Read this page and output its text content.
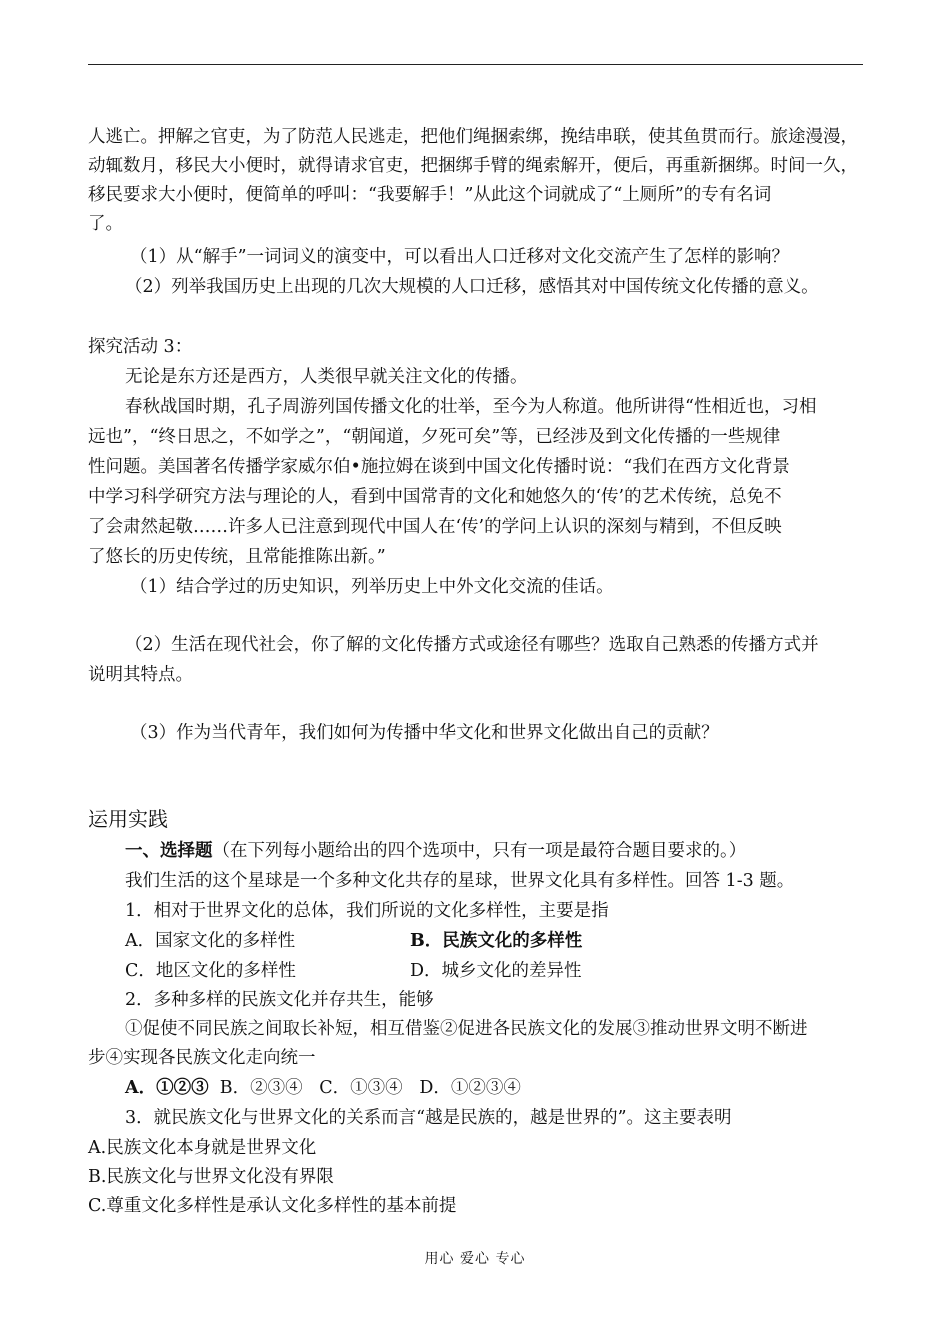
人逃亡。押解之官吏，为了防范人民逃走，把他们绳捆索绑，挽结串联，使其鱼贯而行。旅途漫漫，
动辄数月，移民大小便时，就得请求官吏，把捆绑手臂的绳索解开，便后，再重新捆绑。时间一久，
移民要求大小便时，便简单的呼叫：“我要解手！”从此这个词就成了“上厕所”的专有名词
了。
（1）从“解手”一词词义的演变中，可以看出人口迁移对文化交流产生了怎样的影响？
（2）列举我国历史上出现的几次大规模的人口迁移，感悟其对中国传统文化传播的意义。
探究活动 3：
无论是东方还是西方，人类很早就关注文化的传播。
春秋战国时期，孔子周游列国传播文化的壮举，至今为人称道。他所讲得“性相近也，习相
远也”，“终日思之，不如学之”，“朝闻道，夕死可矣”等，已经涉及到文化传播的一些规律
性问题。美国著名传播学家威尔伯•施拉姆在谈到中国文化传播时说：“我们在西方文化背景
中学习科学研究方法与理论的人，看到中国常青的文化和她悠久的‘传’的艺术传统，总免不
了会肃然起敬……许多人已注意到现代中国人在‘传’的学问上认识的深刻与精到，不但反映
了悠长的历史传统，且常能推陈出新。”
（1）结合学过的历史知识，列举历史上中外文化交流的佳话。
（2）生活在现代社会，你了解的文化传播方式或途径有哪些？选取自己熟悉的传播方式并
说明其特点。
（3）作为当代青年，我们如何为传播中华文化和世界文化做出自己的贡献？
运用实践
一、选择题（在下列每小题给出的四个选项中，只有一项是最符合题目要求的。）
我们生活的这个星球是一个多种文化共存的星球，世界文化具有多样性。回答 1-3 题。
1．相对于世界文化的总体，我们所说的文化多样性，主要是指
A．国家文化的多样性	B．民族文化的多样性
C．地区文化的多样性	D．城乡文化的差异性
2．多种多样的民族文化并存共生，能够
①促使不同民族之间取长补短，相互借鉴②促进各民族文化的发展③推动世界文明不断进
步④实现各民族文化走向统一
A．①②③  B．②③④   C．①③④   D．①②③④
3．就民族文化与世界文化的关系而言“越是民族的，越是世界的”。这主要表明
A.民族文化本身就是世界文化
B.民族文化与世界文化没有界限
C.尊重文化多样性是承认文化多样性的基本前提
用心 爱心 专心
